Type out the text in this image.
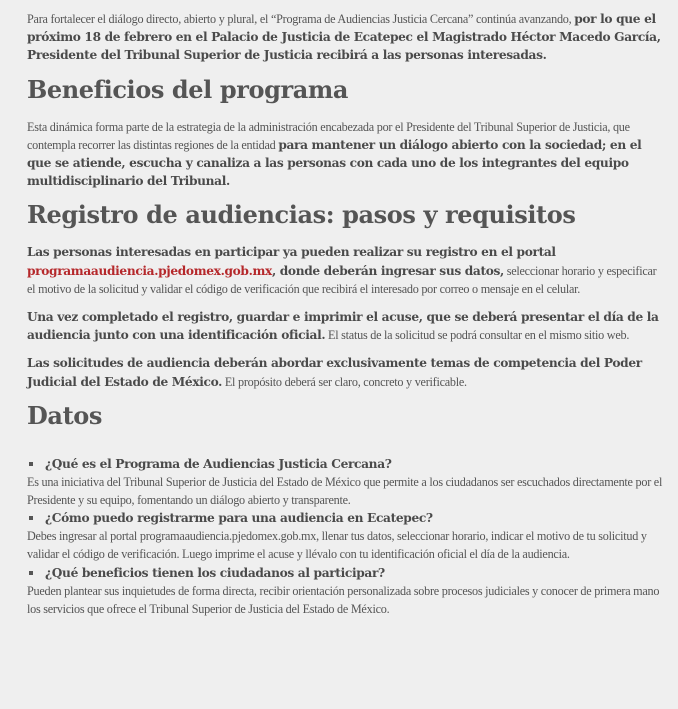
Para fortalecer el diálogo directo, abierto y plural, el “Programa de Audiencias Justicia Cercana” continúa avanzando, por lo que el próximo 18 de febrero en el Palacio de Justicia de Ecatepec el Magistrado Héctor Macedo García, Presidente del Tribunal Superior de Justicia recibirá a las personas interesadas.

Beneficios del programa

Esta dinámica forma parte de la estrategia de la administración encabezada por el Presidente del Tribunal Superior de Justicia, que contempla recorrer las distintas regiones de la entidad para mantener un diálogo abierto con la sociedad; en el que se atiende, escucha y canaliza a las personas con cada uno de los integrantes del equipo multidisciplinario del Tribunal.

Registro de audiencias: pasos y requisitos

Las personas interesadas en participar ya pueden realizar su registro en el portal programaaudiencia.pjedomex.gob.mx, donde deberán ingresar sus datos, seleccionar horario y especificar el motivo de la solicitud y validar el código de verificación que recibirá el interesado por correo o mensaje en el celular.

Una vez completado el registro, guardar e imprimir el acuse, que se deberá presentar el día de la audiencia junto con una identificación oficial. El status de la solicitud se podrá consultar en el mismo sitio web.

Las solicitudes de audiencia deberán abordar exclusivamente temas de competencia del Poder Judicial del Estado de México. El propósito deberá ser claro, concreto y verificable.

Datos
¿Qué es el Programa de Audiencias Justicia Cercana?

Es una iniciativa del Tribunal Superior de Justicia del Estado de México que permite a los ciudadanos ser escuchados directamente por el Presidente y su equipo, fomentando un diálogo abierto y transparente.

¿Cómo puedo registrarme para una audiencia en Ecatepec?

Debes ingresar al portal programaaudiencia.pjedomex.gob.mx, llenar tus datos, seleccionar horario, indicar el motivo de tu solicitud y validar el código de verificación. Luego imprime el acuse y llévalo con tu identificación oficial el día de la audiencia.

¿Qué beneficios tienen los ciudadanos al participar?

Pueden plantear sus inquietudes de forma directa, recibir orientación personalizada sobre procesos judiciales y conocer de primera mano los servicios que ofrece el Tribunal Superior de Justicia del Estado de México.
